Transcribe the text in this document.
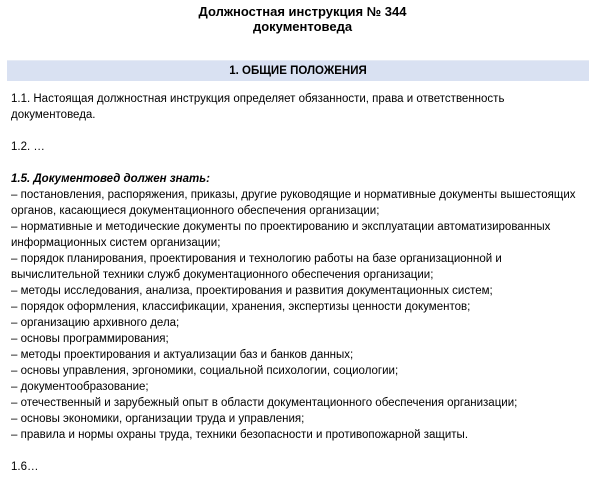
Должностная инструкция № 344
документоведа
1. ОБЩИЕ ПОЛОЖЕНИЯ

1.1. Настоящая должностная инструкция определяет обязанности, права и ответственность документоведа.

1.2. …

1.5. Документовед должен знать:

– постановления, распоряжения, приказы, другие руководящие и нормативные документы вышестоящих органов, касающиеся документационного обеспечения организации;
– нормативные и методические документы по проектированию и эксплуатации автоматизированных информационных систем организации;
– порядок планирования, проектирования и технологию работы на базе организационной и вычислительной техники служб документационного обеспечения организации;
– методы исследования, анализа, проектирования и развития документационных систем;
– порядок оформления, классификации, хранения, экспертизы ценности документов;
– организацию архивного дела;
– основы программирования;
– методы проектирования и актуализации баз и банков данных;
– основы управления, эргономики, социальной психологии, социологии;
– документообразование;
– отечественный и зарубежный опыт в области документационного обеспечения организации;
– основы экономики, организации труда и управления;
– правила и нормы охраны труда, техники безопасности и противопожарной защиты.

1.6…
